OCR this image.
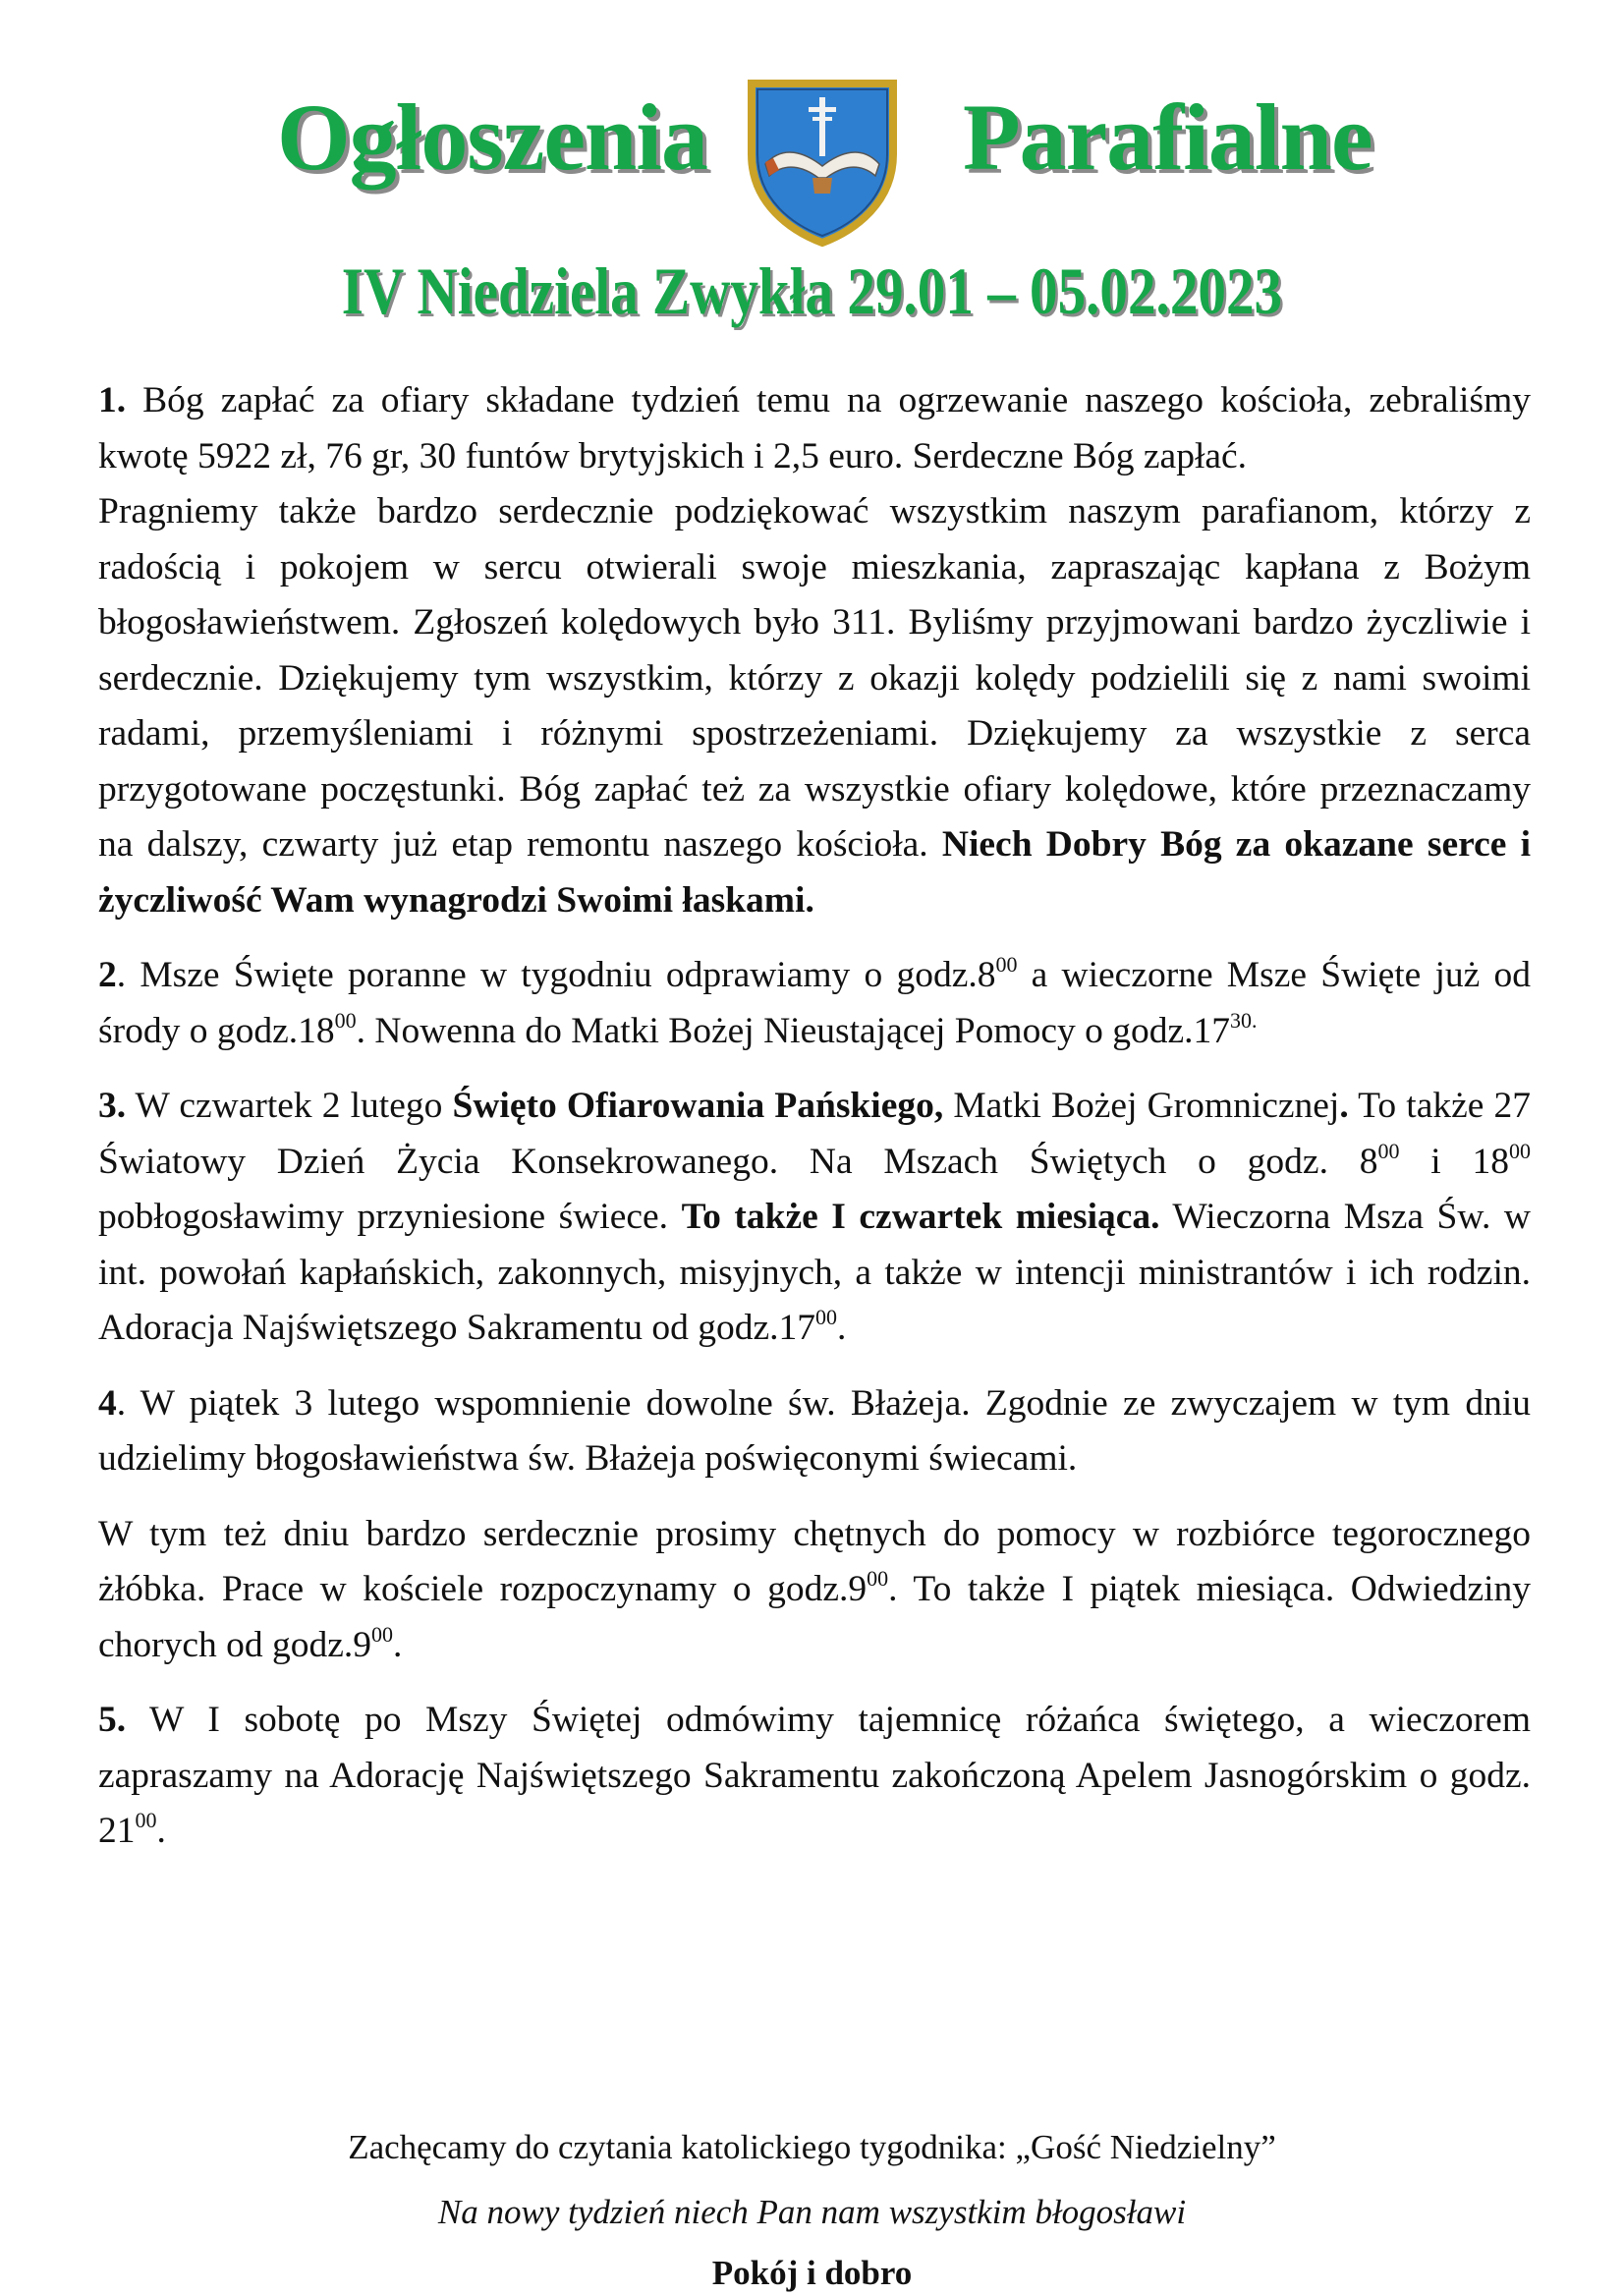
Ogłoszenia	Parafialne
IV Niedziela Zwykła 29.01 – 05.02.2023

1. Bóg zapłać za ofiary składane tydzień temu na ogrzewanie naszego kościoła, zebraliśmy kwotę 5922 zł, 76 gr, 30 funtów brytyjskich i 2,5 euro. Serdeczne Bóg zapłać.

Pragniemy także bardzo serdecznie podziękować wszystkim naszym parafianom, którzy z radością i pokojem w sercu otwierali swoje mieszkania, zapraszając kapłana z Bożym błogosławieństwem. Zgłoszeń kolędowych było 311. Byliśmy przyjmowani bardzo życzliwie i serdecznie. Dziękujemy tym wszystkim, którzy z okazji kolędy podzielili się z nami swoimi radami, przemyśleniami i różnymi spostrzeżeniami. Dziękujemy za wszystkie z serca przygotowane poczęstunki. Bóg zapłać też za wszystkie ofiary kolędowe, które przeznaczamy na dalszy, czwarty już etap remontu naszego kościoła. Niech Dobry Bóg za okazane serce i życzliwość Wam wynagrodzi Swoimi łaskami.

2. Msze Święte poranne w tygodniu odprawiamy o $godz.8^{00}$ a wieczorne Msze Święte już od środy o $godz.18^{00}$. Nowenna do Matki Bożej Nieustającej Pomocy o $godz.17^{30.}$

3. W czwartek 2 lutego Święto Ofiarowania Pańskiego, Matki Bożej Gromnicznej. To także 27 Światowy Dzień Życia Konsekrowanego. Na Mszach Świętych o godz. $8^{00}$ i $18^{00}$ pobłogosławimy przyniesione świece. To także I czwartek miesiąca. Wieczorna Msza Św. w int. powołań kapłańskich, zakonnych, misyjnych, a także w intencji ministrantów i ich rodzin. Adoracja Najświętszego Sakramentu od $godz.17^{00}$.

4. W piątek 3 lutego wspomnienie dowolne św. Błażeja. Zgodnie ze zwyczajem w tym dniu udzielimy błogosławieństwa św. Błażeja poświęconymi świecami.

W tym też dniu bardzo serdecznie prosimy chętnych do pomocy w rozbiórce tegorocznego żłóbka. Prace w kościele rozpoczynamy o $godz.9^{00}$. To także I piątek miesiąca. Odwiedziny chorych od $godz.9^{00}$.

5. W I sobotę po Mszy Świętej odmówimy tajemnicę różańca świętego, a wieczorem zapraszamy na Adorację Najświętszego Sakramentu zakończoną Apelem Jasnogórskim o godz. $21^{00}$.

Zachęcamy do czytania katolickiego tygodnika: „Gość Niedzielny”
Na nowy tydzień niech Pan nam wszystkim błogosławi
Pokój i dobro
